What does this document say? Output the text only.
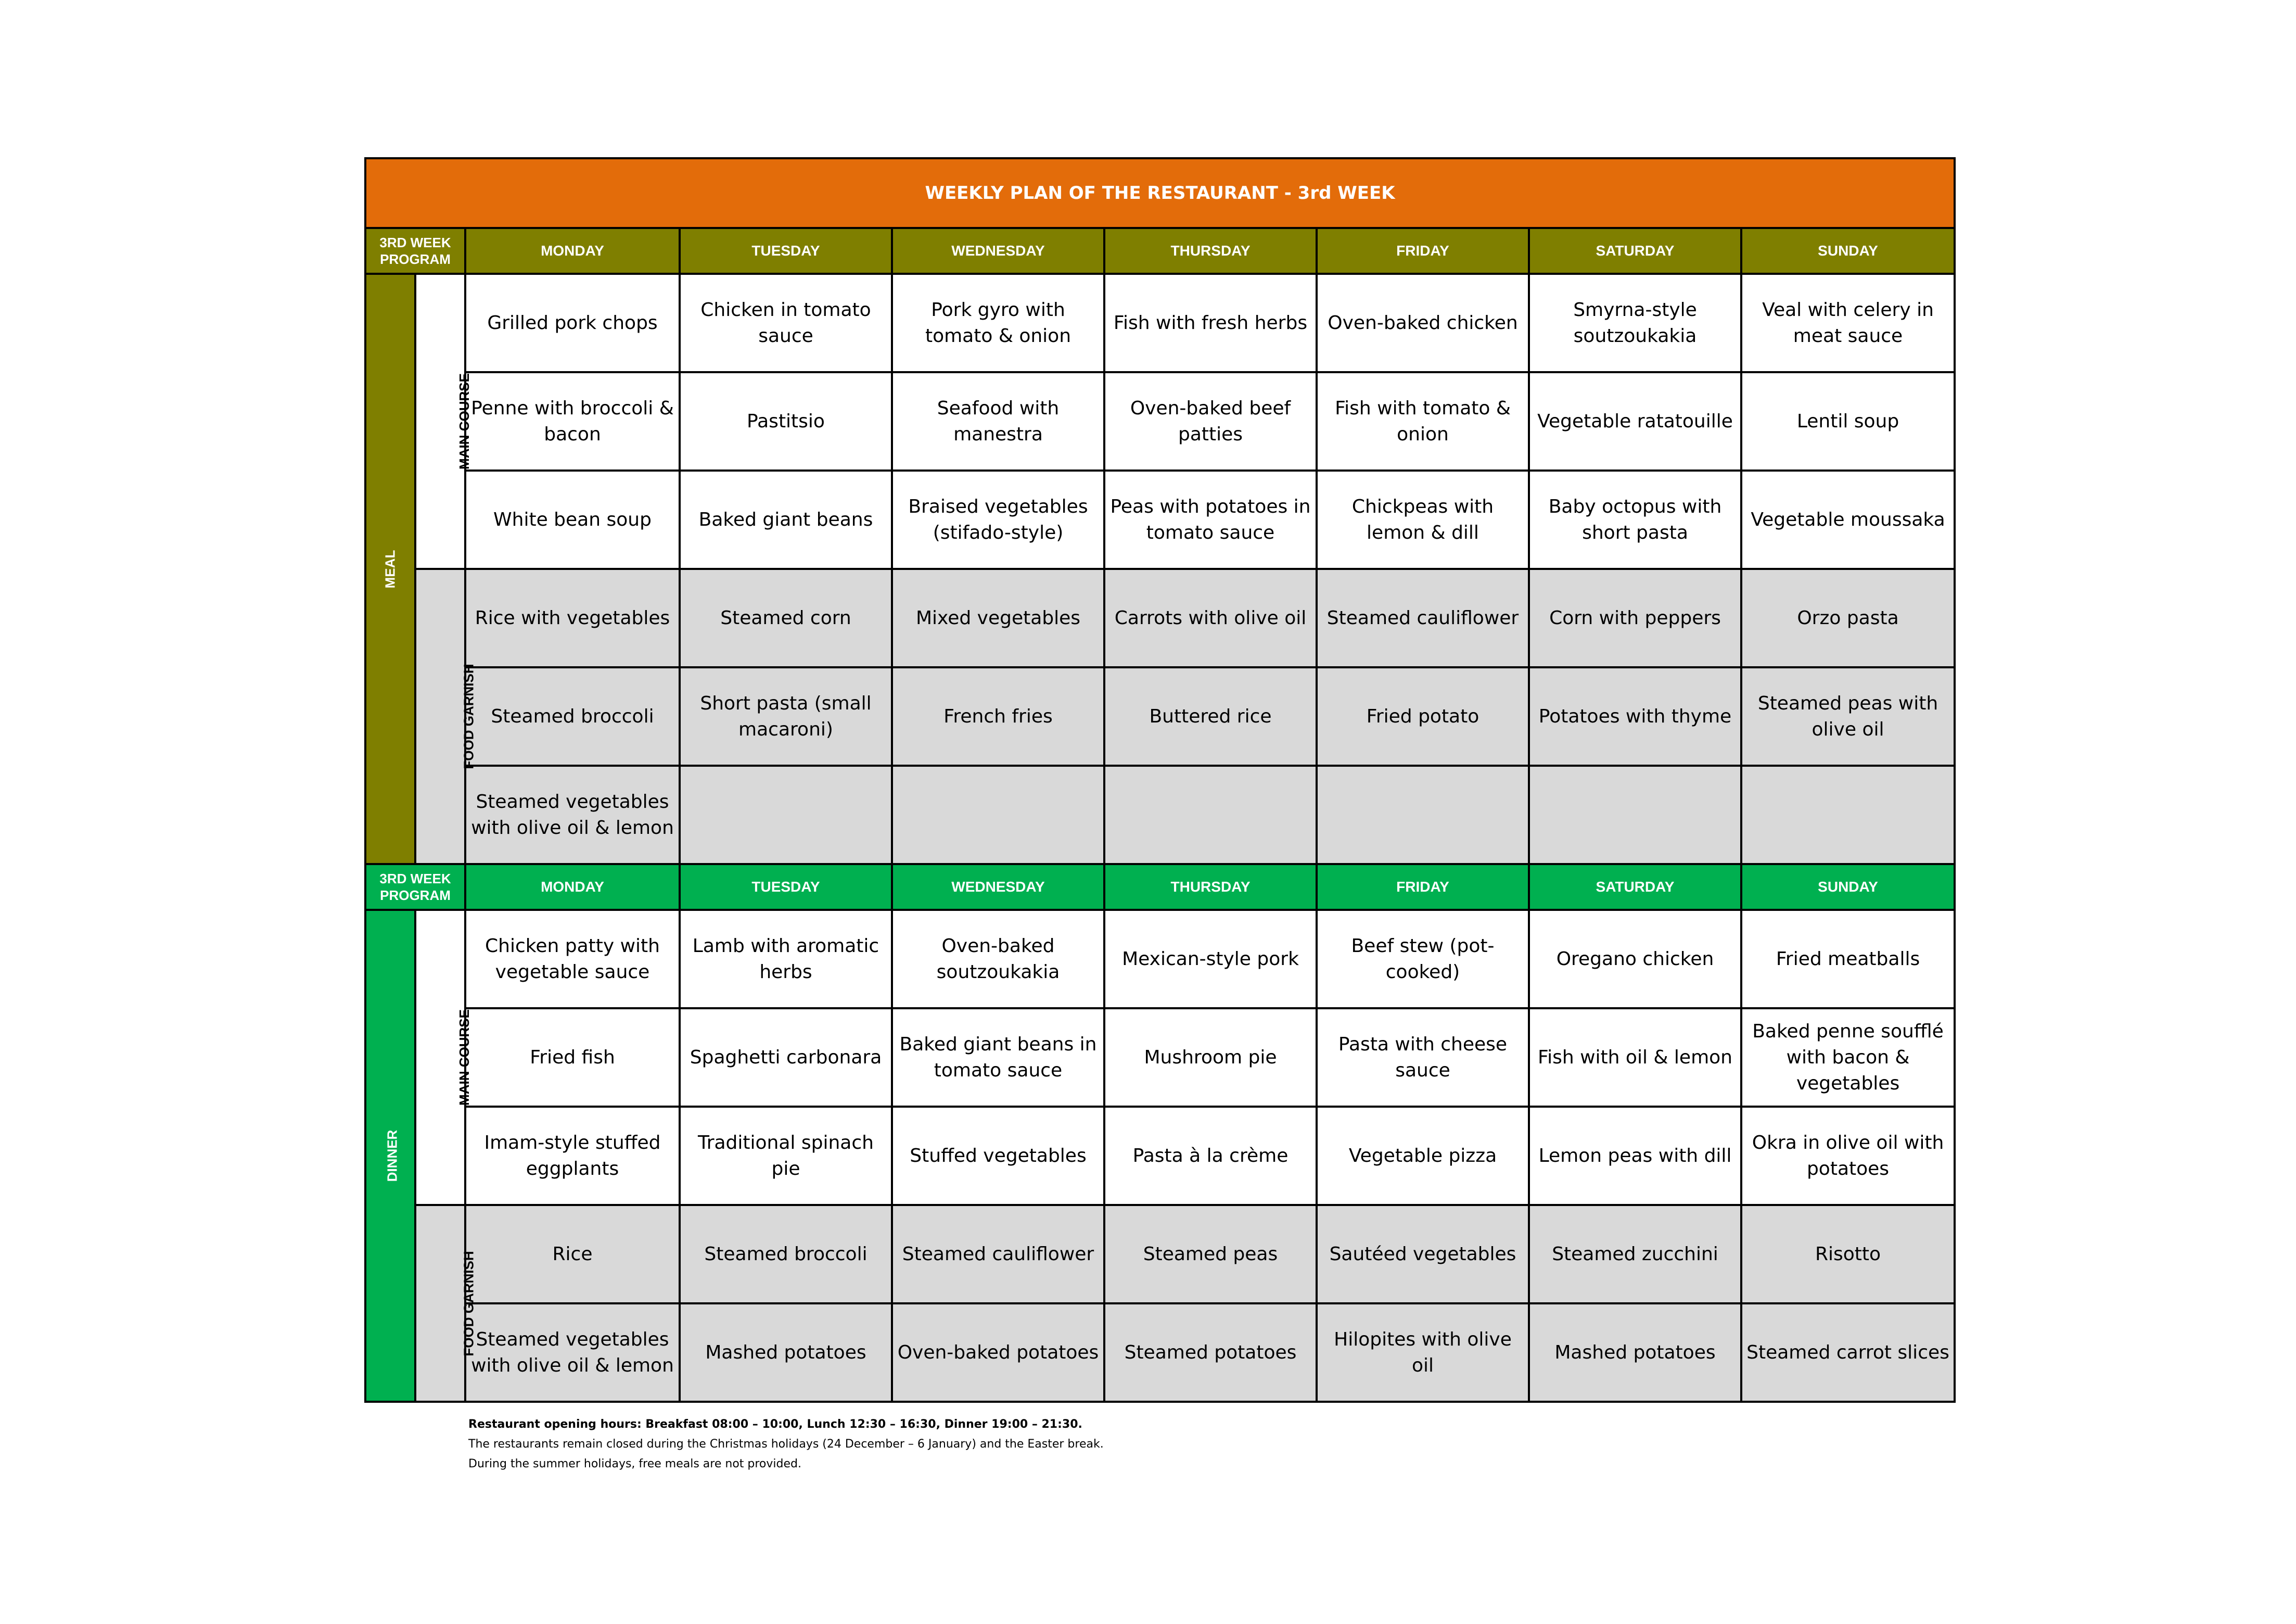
WEEKLY PLAN OF THE RESTAURANT - 3rd WEEK								
3RD WEEK PROGRAM		MONDAY	TUESDAY	WEDNESDAY	THURSDAY	FRIDAY	SATURDAY	SUNDAY
MEAL	MAIN COURSE	Grilled pork chops	Chicken in tomato sauce	Pork gyro with tomato & onion	Fish with fresh herbs	Oven-baked chicken	Smyrna-style soutzoukakia	Veal with celery in meat sauce
		Penne with broccoli & bacon	Pastitsio	Seafood with manestra	Oven-baked beef patties	Fish with tomato & onion	Vegetable ratatouille	Lentil soup
		White bean soup	Baked giant beans	Braised vegetables (stifado-style)	Peas with potatoes in tomato sauce	Chickpeas with lemon & dill	Baby octopus with short pasta	Vegetable moussaka
	FOOD GARNISH	Rice with vegetables	Steamed corn	Mixed vegetables	Carrots with olive oil	Steamed cauliflower	Corn with peppers	Orzo pasta
		Steamed broccoli	Short pasta (small macaroni)	French fries	Buttered rice	Fried potato	Potatoes with thyme	Steamed peas with olive oil
		Steamed vegetables with olive oil & lemon						
3RD WEEK PROGRAM		MONDAY	TUESDAY	WEDNESDAY	THURSDAY	FRIDAY	SATURDAY	SUNDAY
DINNER	MAIN COURSE	Chicken patty with vegetable sauce	Lamb with aromatic herbs	Oven-baked soutzoukakia	Mexican-style pork	Beef stew (pot-cooked)	Oregano chicken	Fried meatballs
		Fried fish	Spaghetti carbonara	Baked giant beans in tomato sauce	Mushroom pie	Pasta with cheese sauce	Fish with oil & lemon	Baked penne soufflé with bacon & vegetables
		Imam-style stuffed eggplants	Traditional spinach pie	Stuffed vegetables	Pasta à la crème	Vegetable pizza	Lemon peas with dill	Okra in olive oil with potatoes
	FOOD GARNISH	Rice	Steamed broccoli	Steamed cauliflower	Steamed peas	Sautéed vegetables	Steamed zucchini	Risotto
		Steamed vegetables with olive oil & lemon	Mashed potatoes	Oven-baked potatoes	Steamed potatoes	Hilopites with olive oil	Mashed potatoes	Steamed carrot slices
Restaurant opening hours: Breakfast 08:00 – 10:00, Lunch 12:30 – 16:30, Dinner 19:00 – 21:30.
The restaurants remain closed during the Christmas holidays (24 December – 6 January) and the Easter break.
During the summer holidays, free meals are not provided.
